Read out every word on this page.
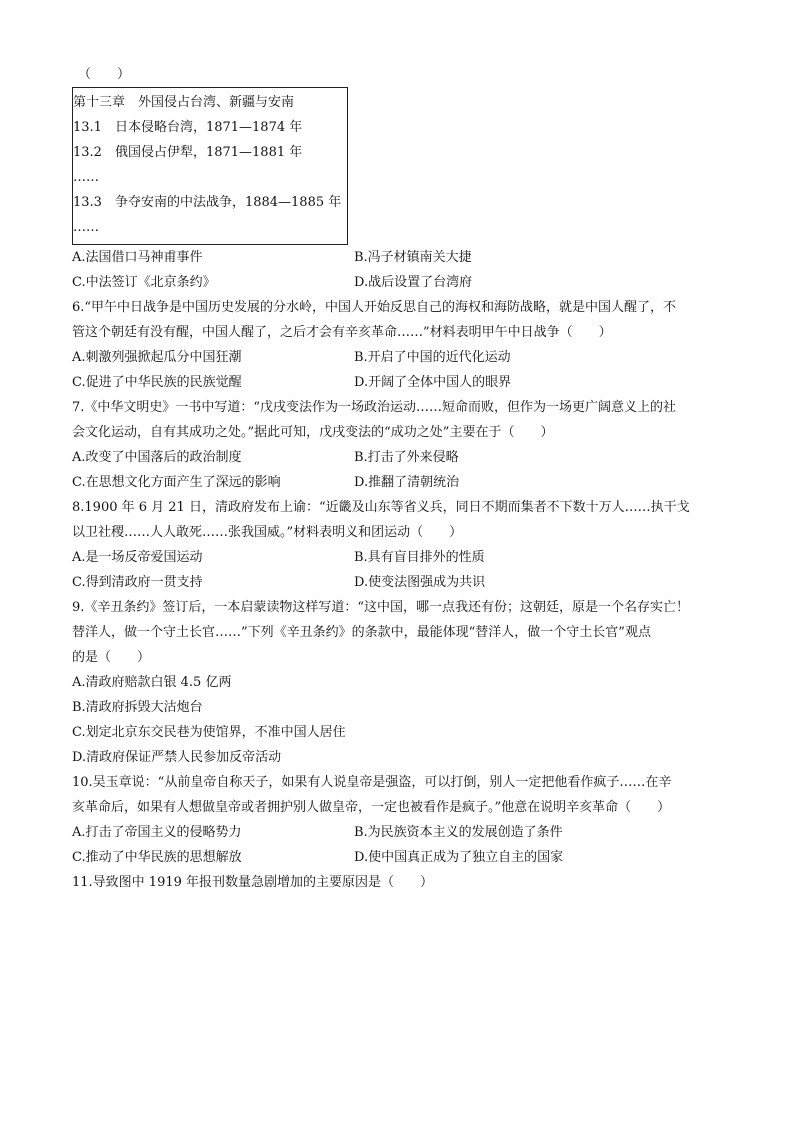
（　　）
第十三章　外国侵占台湾、新疆与安南
13.1　日本侵略台湾，1871—1874 年
13.2　俄国侵占伊犁，1871—1881 年
……
13.3　争夺安南的中法战争，1884—1885 年
……
A.法国借口马神甫事件	B.冯子材镇南关大捷
C.中法签订《北京条约》	D.战后设置了台湾府
6.“甲午中日战争是中国历史发展的分水岭，中国人开始反思自己的海权和海防战略，就是中国人醒了，不
管这个朝廷有没有醒，中国人醒了，之后才会有辛亥革命……”材料表明甲午中日战争（　　）
A.刺激列强掀起瓜分中国狂潮	B.开启了中国的近代化运动
C.促进了中华民族的民族觉醒	D.开阔了全体中国人的眼界
7.《中华文明史》一书中写道：“戊戌变法作为一场政治运动……短命而败，但作为一场更广阔意义上的社
会文化运动，自有其成功之处。”据此可知，戊戌变法的“成功之处”主要在于（　　）
A.改变了中国落后的政治制度	B.打击了外来侵略
C.在思想文化方面产生了深远的影响	D.推翻了清朝统治
8.1900 年 6 月 21 日，清政府发布上谕：“近畿及山东等省义兵，同日不期而集者不下数十万人……执干戈
以卫社稷……人人敢死……张我国威。”材料表明义和团运动（　　）
A.是一场反帝爱国运动	B.具有盲目排外的性质
C.得到清政府一贯支持	D.使变法图强成为共识
9.《辛丑条约》签订后，一本启蒙读物这样写道：“这中国，哪一点我还有份；这朝廷，原是一个名存实亡！
替洋人，做一个守土长官……”下列《辛丑条约》的条款中，最能体现“替洋人，做一个守土长官”观点
的是（　　）
A.清政府赔款白银 4.5 亿两
B.清政府拆毁大沽炮台
C.划定北京东交民巷为使馆界，不准中国人居住
D.清政府保证严禁人民参加反帝活动
10.吴玉章说：“从前皇帝自称天子，如果有人说皇帝是强盗，可以打倒，别人一定把他看作疯子……在辛
亥革命后，如果有人想做皇帝或者拥护别人做皇帝，一定也被看作是疯子。”他意在说明辛亥革命（　　）
A.打击了帝国主义的侵略势力	B.为民族资本主义的发展创造了条件
C.推动了中华民族的思想解放	D.使中国真正成为了独立自主的国家
11.导致图中 1919 年报刊数量急剧增加的主要原因是（　　）
